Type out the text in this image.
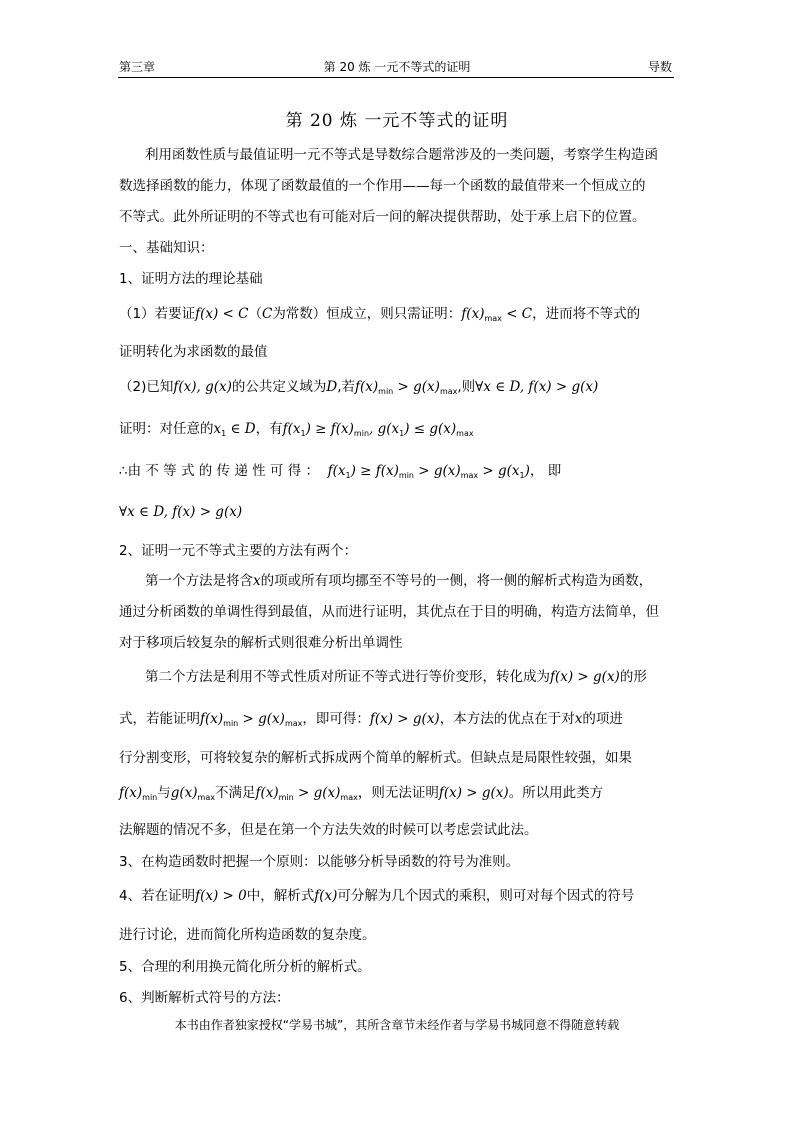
第三章	第 20 炼 一元不等式的证明	导数
第 20 炼 一元不等式的证明
利用函数性质与最值证明一元不等式是导数综合题常涉及的一类问题，考察学生构造函
数选择函数的能力，体现了函数最值的一个作用——每一个函数的最值带来一个恒成立的
不等式。此外所证明的不等式也有可能对后一问的解决提供帮助，处于承上启下的位置。
一、基础知识：
1、证明方法的理论基础
（1）若要证f(x) < C（C为常数）恒成立，则只需证明：$f(x)_{max} < C$，进而将不等式的
证明转化为求函数的最值
（2)已知f(x), g(x)的公共定义域为D,若$f(x)_{min} > g(x)_{max}$,则∀x ∈ D, f(x) > g(x)
证明：对任意的$x_1$ ∈ D，有$f(x_1) \ge f(x)_{min}$, $g(x_1) \le g(x)_{max}$
∴由 不 等 式 的 传 递 性 可 得 ： $f(x_1) \ge f(x)_{min} > g(x)_{max} > g(x_1)$， 即
∀x ∈ D, f(x) > g(x)
2、证明一元不等式主要的方法有两个：
第一个方法是将含x的项或所有项均挪至不等号的一侧，将一侧的解析式构造为函数，
通过分析函数的单调性得到最值，从而进行证明，其优点在于目的明确，构造方法简单，但
对于移项后较复杂的解析式则很难分析出单调性
第二个方法是利用不等式性质对所证不等式进行等价变形，转化成为f(x) > g(x)的形
式，若能证明$f(x)_{min} > g(x)_{max}$，即可得：f(x) > g(x)，本方法的优点在于对x的项进
行分割变形，可将较复杂的解析式拆成两个简单的解析式。但缺点是局限性较强，如果
$f(x)_{min}$与$g(x)_{max}$不满足$f(x)_{min} > g(x)_{max}$，则无法证明f(x) > g(x)。所以用此类方
法解题的情况不多，但是在第一个方法失效的时候可以考虑尝试此法。
3、在构造函数时把握一个原则：以能够分析导函数的符号为准则。
4、若在证明f(x) > 0中，解析式f(x)可分解为几个因式的乘积，则可对每个因式的符号
进行讨论，进而简化所构造函数的复杂度。
5、合理的利用换元简化所分析的解析式。
6、判断解析式符号的方法：
本书由作者独家授权“学易书城”，其所含章节未经作者与学易书城同意不得随意转载
